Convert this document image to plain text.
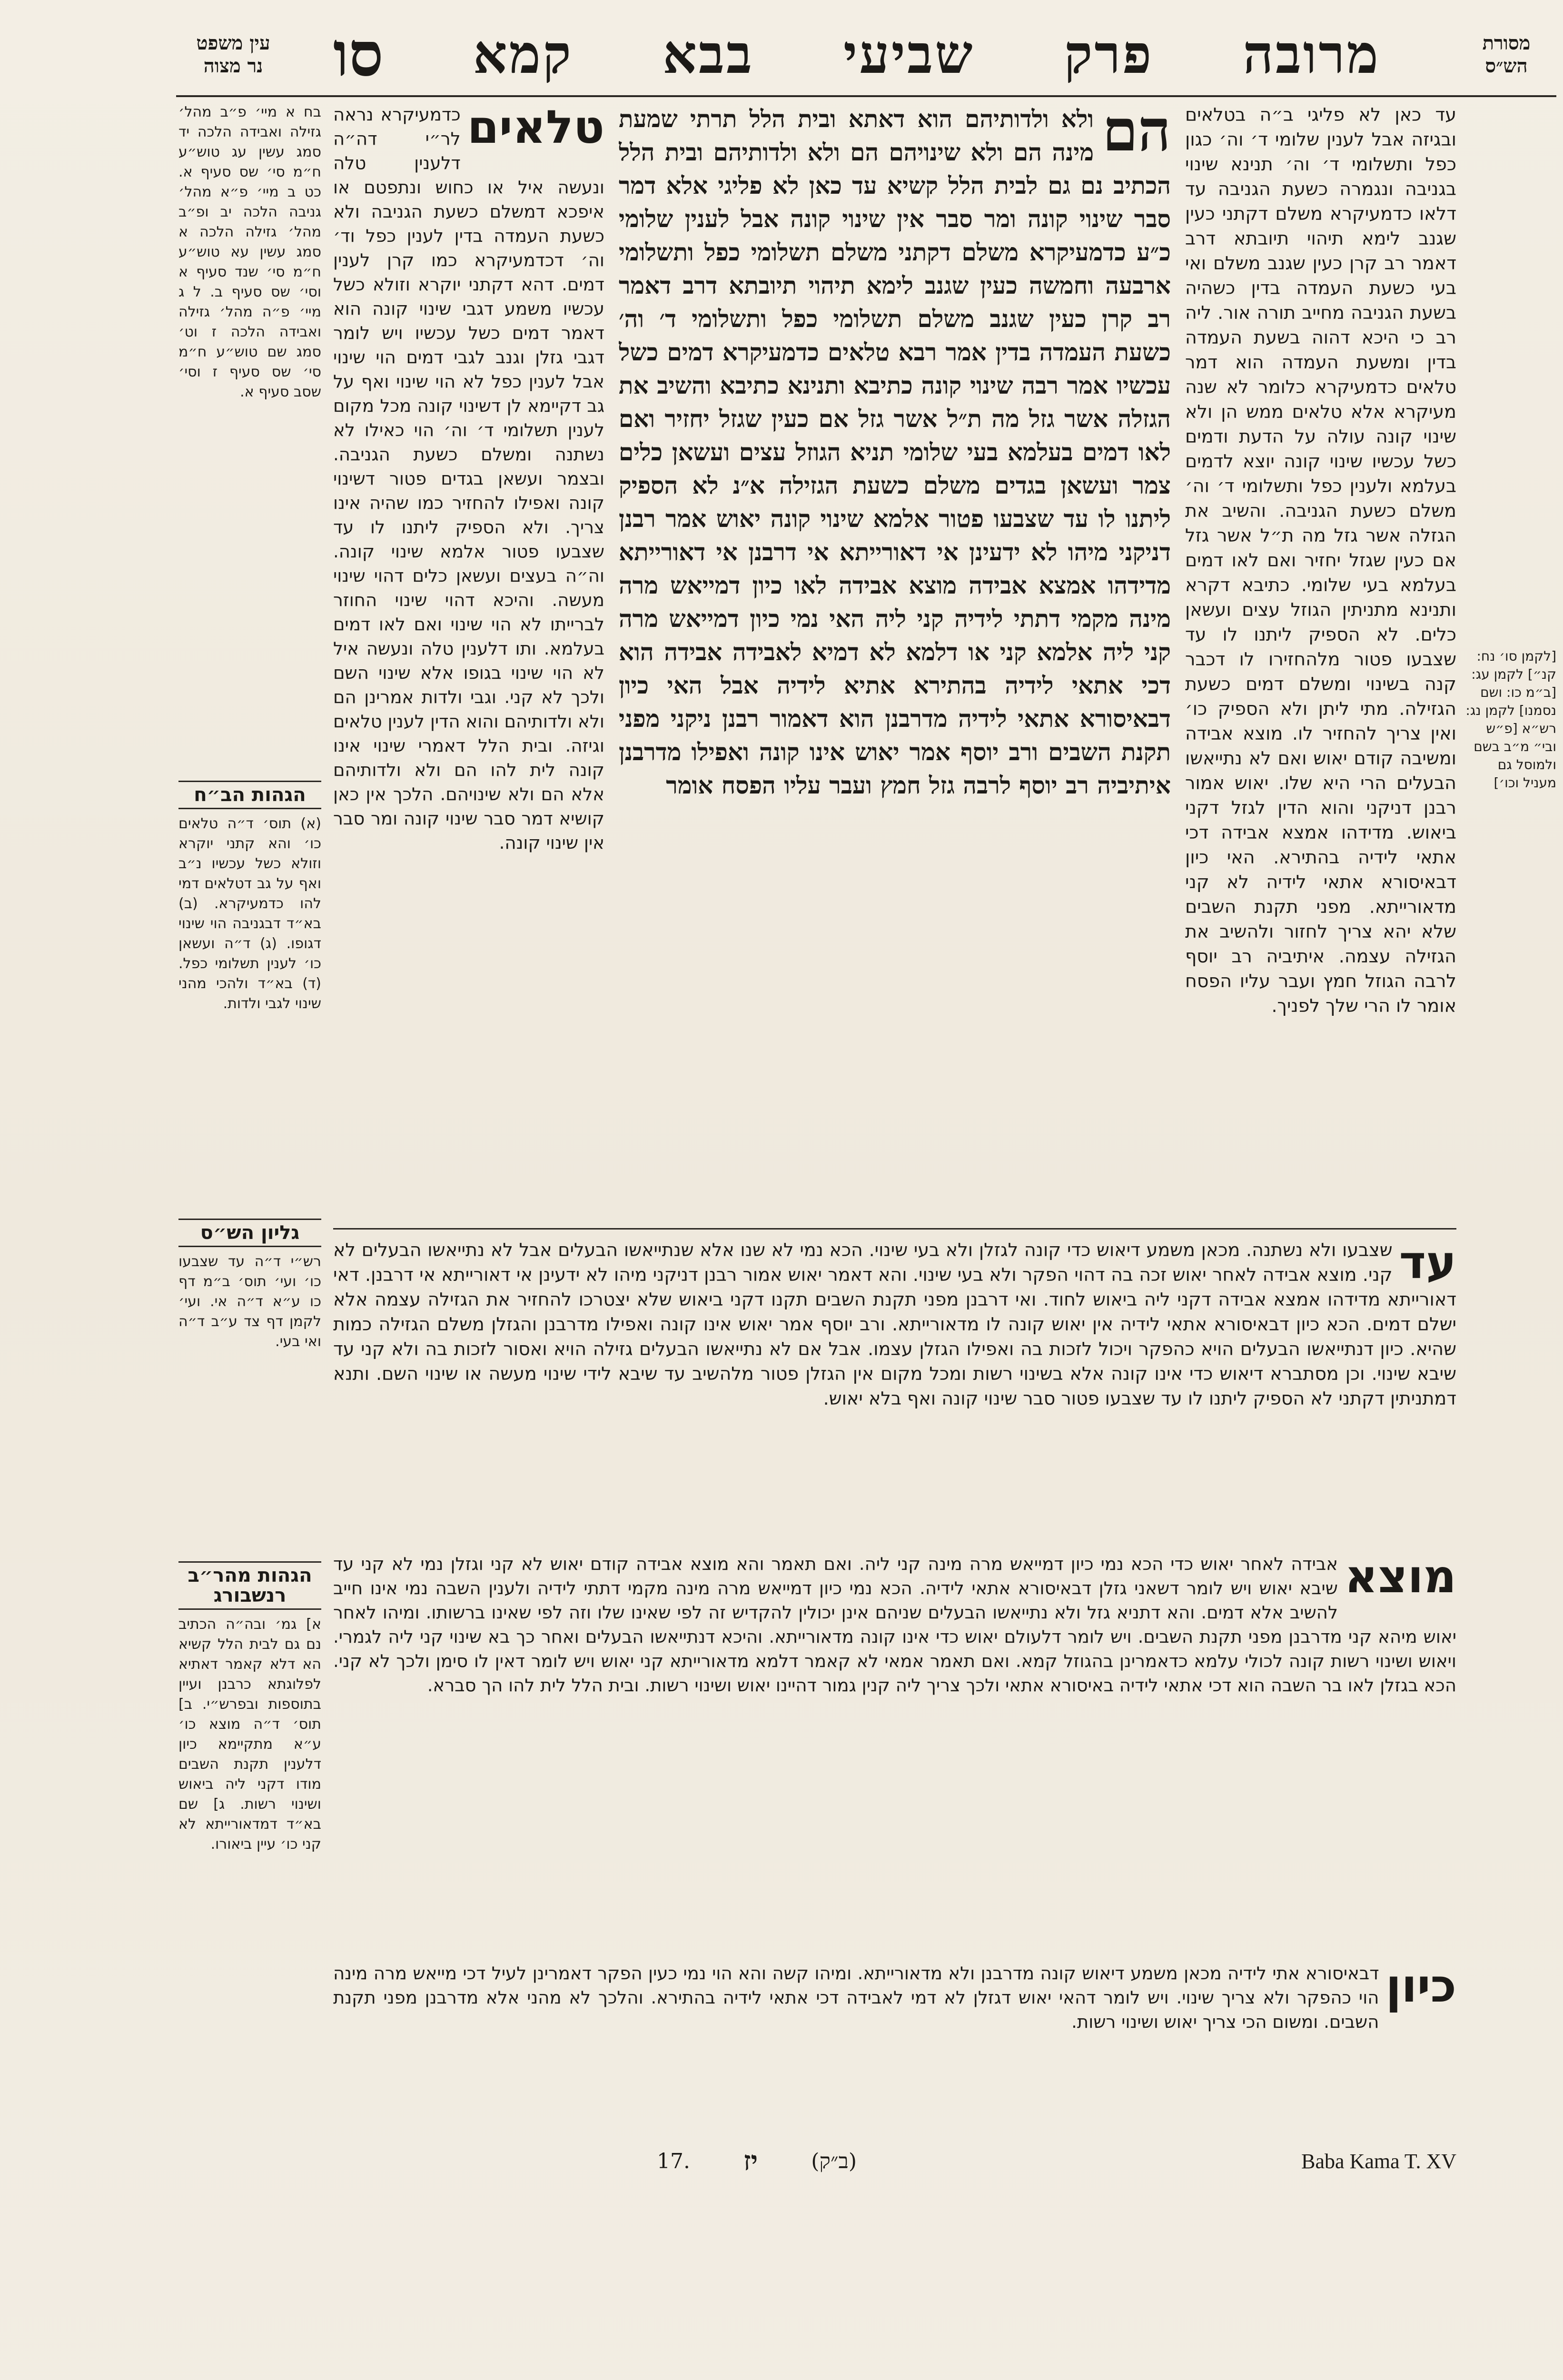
מרובה
פרק
שביעי
בבא
קמא
סו
עין משפט
נר מצוה
מסורת
הש״ס

עד כאן לא פליגי ב״ה בטלאים ובגיזה אבל לענין שלומי ד׳ וה׳ כגון כפל ותשלומי ד׳ וה׳ תנינא שינוי בגניבה ונגמרה כשעת הגניבה עד דלאו כדמעיקרא משלם דקתני כעין שגנב לימא תיהוי תיובתא דרב דאמר רב קרן כעין שגנב משלם ואי בעי כשעת העמדה בדין כשהיה בשעת הגניבה מחייב תורה אור. ליה רב כי היכא דהוה בשעת העמדה בדין ומשעת העמדה הוא דמר טלאים כדמעיקרא כלומר לא שנה מעיקרא אלא טלאים ממש הן ולא שינוי קונה עולה על הדעת ודמים כשל עכשיו שינוי קונה יוצא לדמים בעלמא ולענין כפל ותשלומי ד׳ וה׳ משלם כשעת הגניבה. והשיב את הגזלה אשר גזל מה ת״ל אשר גזל אם כעין שגזל יחזיר ואם לאו דמים בעלמא בעי שלומי. כתיבא דקרא ותנינא מתניתין הגוזל עצים ועשאן כלים. לא הספיק ליתנו לו עד שצבעו פטור מלהחזירו לו דכבר קנה בשינוי ומשלם דמים כשעת הגזילה. מתי ליתן ולא הספיק כו׳ ואין צריך להחזיר לו. מוצא אבידה ומשיבה קודם יאוש ואם לא נתייאשו הבעלים הרי היא שלו. יאוש אמור רבנן דניקני והוא הדין לגזל דקני ביאוש. מדידהו אמצא אבידה דכי אתאי לידיה בהתירא. האי כיון דבאיסורא אתאי לידיה לא קני מדאורייתא. מפני תקנת השבים שלא יהא צריך לחזור ולהשיב את הגזילה עצמה. איתיביה רב יוסף לרבה הגוזל חמץ ועבר עליו הפסח אומר לו הרי שלך לפניך.

הם
ולא ולדותיהם הוא דאתא ובית הלל תרתי שמעת מינה הם ולא שינויהם הם ולא ולדותיהם ובית הלל הכתיב נם גם לבית הלל קשיא עד כאן לא פליגי אלא דמר סבר שינוי קונה ומר סבר אין שינוי קונה אבל לענין שלומי כ״ע כדמעיקרא משלם דקתני משלם תשלומי כפל ותשלומי ארבעה וחמשה כעין שגנב לימא תיהוי תיובתא דרב דאמר רב קרן כעין שגנב משלם תשלומי כפל ותשלומי ד׳ וה׳ כשעת העמדה בדין אמר רבא טלאים כדמעיקרא דמים כשל עכשיו אמר רבה שינוי קונה כתיבא ותנינא כתיבא והשיב את הגזלה אשר גזל מה ת״ל אשר גזל אם כעין שגזל יחזיר ואם לאו דמים בעלמא בעי שלומי תניא הגוזל עצים ועשאן כלים צמר ועשאן בגדים משלם כשעת הגזילה א״נ לא הספיק ליתנו לו עד שצבעו פטור אלמא שינוי קונה יאוש אמר רבנן דניקני מיהו לא ידעינן אי דאורייתא אי דרבנן אי דאורייתא מדידהו אמצא אבידה מוצא אבידה לאו כיון דמייאש מרה מינה מקמי דתתי לידיה קני ליה האי נמי כיון דמייאש מרה קני ליה אלמא קני או דלמא לא דמיא לאבידה אבידה הוא דכי אתאי לידיה בהתירא אתיא לידיה אבל האי כיון דבאיסורא אתאי לידיה מדרבנן הוא דאמור רבנן ניקני מפני תקנת השבים ורב יוסף אמר יאוש אינו קונה ואפילו מדרבנן איתיביה רב יוסף לרבה גזל חמץ ועבר עליו הפסח אומר

טלאים
כדמעיקרא נראה לר״י דה״ה דלענין טלה ונעשה איל או כחוש ונתפטם או איפכא דמשלם כשעת הגניבה ולא כשעת העמדה בדין לענין כפל וד׳ וה׳ דכדמעיקרא כמו קרן לענין דמים. דהא דקתני יוקרא וזולא כשל עכשיו משמע דגבי שינוי קונה הוא דאמר דמים כשל עכשיו ויש לומר דגבי גזלן וגנב לגבי דמים הוי שינוי אבל לענין כפל לא הוי שינוי ואף על גב דקיימא לן דשינוי קונה מכל מקום לענין תשלומי ד׳ וה׳ הוי כאילו לא נשתנה ומשלם כשעת הגניבה. ובצמר ועשאן בגדים פטור דשינוי קונה ואפילו להחזיר כמו שהיה אינו צריך. ולא הספיק ליתנו לו עד שצבעו פטור אלמא שינוי קונה. וה״ה בעצים ועשאן כלים דהוי שינוי מעשה. והיכא דהוי שינוי החוזר לברייתו לא הוי שינוי ואם לאו דמים בעלמא. ותו דלענין טלה ונעשה איל לא הוי שינוי בגופו אלא שינוי השם ולכך לא קני. וגבי ולדות אמרינן הם ולא ולדותיהם והוא הדין לענין טלאים וגיזה. ובית הלל דאמרי שינוי אינו קונה לית להו הם ולא ולדותיהם אלא הם ולא שינויהם. הלכך אין כאן קושיא דמר סבר שינוי קונה ומר סבר אין שינוי קונה.

בח א מיי׳ פ״ב מהל׳ גזילה ואבידה הלכה יד סמג עשין עג טוש״ע ח״מ סי׳ שס סעיף א. כט ב מיי׳ פ״א מהל׳ גניבה הלכה יב ופ״ב מהל׳ גזילה הלכה א סמג עשין עא טוש״ע ח״מ סי׳ שנד סעיף א וסי׳ שס סעיף ב. ל ג מיי׳ פ״ה מהל׳ גזילה ואבידה הלכה ז וט׳ סמג שם טוש״ע ח״מ סי׳ שס סעיף ז וסי׳ שסב סעיף א.

הגהות הב״ח

(א) תוס׳ ד״ה טלאים כו׳ והא קתני יוקרא וזולא כשל עכשיו נ״ב ואף על גב דטלאים דמי להו כדמעיקרא. (ב) בא״ד דבגניבה הוי שינוי דגופו. (ג) ד״ה ועשאן כו׳ לענין תשלומי כפל. (ד) בא״ד ולהכי מהני שינוי לגבי ולדות.

גליון הש״ס

רש״י ד״ה עד שצבעו כו׳ ועי׳ תוס׳ ב״מ דף כו ע״א ד״ה אי. ועי׳ לקמן דף צד ע״ב ד״ה ואי בעי.

הגהות מהר״ב רנשבורג

א] גמ׳ ובה״ה הכתיב נם גם לבית הלל קשיא הא דלא קאמר דאתיא לפלוגתא כרבנן ועיין בתוספות ובפרש״י. ב] תוס׳ ד״ה מוצא כו׳ ע״א מתקיימא כיון דלענין תקנת השבים מודו דקני ליה ביאוש ושינוי רשות. ג] שם בא״ד דמדאורייתא לא קני כו׳ עיין ביאורו.

[לקמן סו׳ נח: קנ״] לקמן עג: [ב״מ כו: ושם נסמנו] לקמן נג: רש״א [פ״ש ובי״ מ״ב בשם ולמוסל גם מעניל וכו׳]

עד
שצבעו ולא נשתנה. מכאן משמע דיאוש כדי קונה לגזלן ולא בעי שינוי. הכא נמי לא שנו אלא שנתייאשו הבעלים אבל לא נתייאשו הבעלים לא קני. מוצא אבידה לאחר יאוש זכה בה דהוי הפקר ולא בעי שינוי. והא דאמר יאוש אמור רבנן דניקני מיהו לא ידעינן אי דאורייתא אי דרבנן. דאי דאורייתא מדידהו אמצא אבידה דקני ליה ביאוש לחוד. ואי דרבנן מפני תקנת השבים תקנו דקני ביאוש שלא יצטרכו להחזיר את הגזילה עצמה אלא ישלם דמים. הכא כיון דבאיסורא אתאי לידיה אין יאוש קונה לו מדאורייתא. ורב יוסף אמר יאוש אינו קונה ואפילו מדרבנן והגזלן משלם הגזילה כמות שהיא. כיון דנתייאשו הבעלים הויא כהפקר ויכול לזכות בה ואפילו הגזלן עצמו. אבל אם לא נתייאשו הבעלים גזילה הויא ואסור לזכות בה ולא קני עד שיבא שינוי. וכן מסתברא דיאוש כדי אינו קונה אלא בשינוי רשות ומכל מקום אין הגזלן פטור מלהשיב עד שיבא לידי שינוי מעשה או שינוי השם. ותנא דמתניתין דקתני לא הספיק ליתנו לו עד שצבעו פטור סבר שינוי קונה ואף בלא יאוש.

מוצא
אבידה לאחר יאוש כדי הכא נמי כיון דמייאש מרה מינה קני ליה. ואם תאמר והא מוצא אבידה קודם יאוש לא קני וגזלן נמי לא קני עד שיבא יאוש ויש לומר דשאני גזלן דבאיסורא אתאי לידיה. הכא נמי כיון דמייאש מרה מינה מקמי דתתי לידיה ולענין השבה נמי אינו חייב להשיב אלא דמים. והא דתניא גזל ולא נתייאשו הבעלים שניהם אינן יכולין להקדיש זה לפי שאינו שלו וזה לפי שאינו ברשותו. ומיהו לאחר יאוש מיהא קני מדרבנן מפני תקנת השבים. ויש לומר דלעולם יאוש כדי אינו קונה מדאורייתא. והיכא דנתייאשו הבעלים ואחר כך בא שינוי קני ליה לגמרי. ויאוש ושינוי רשות קונה לכולי עלמא כדאמרינן בהגוזל קמא. ואם תאמר אמאי לא קאמר דלמא מדאורייתא קני יאוש ויש לומר דאין לו סימן ולכך לא קני. הכא בגזלן לאו בר השבה הוא דכי אתאי לידיה באיסורא אתאי ולכך צריך ליה קנין גמור דהיינו יאוש ושינוי רשות. ובית הלל לית להו הך סברא.

כיון
דבאיסורא אתי לידיה מכאן משמע דיאוש קונה מדרבנן ולא מדאורייתא. ומיהו קשה והא הוי נמי כעין הפקר דאמרינן לעיל דכי מייאש מרה מינה הוי כהפקר ולא צריך שינוי. ויש לומר דהאי יאוש דגזלן לא דמי לאבידה דכי אתאי לידיה בהתירא. והלכך לא מהני אלא מדרבנן מפני תקנת השבים. ומשום הכי צריך יאוש ושינוי רשות.

17. יז	(ב״ק)	Baba Kama T. XV
